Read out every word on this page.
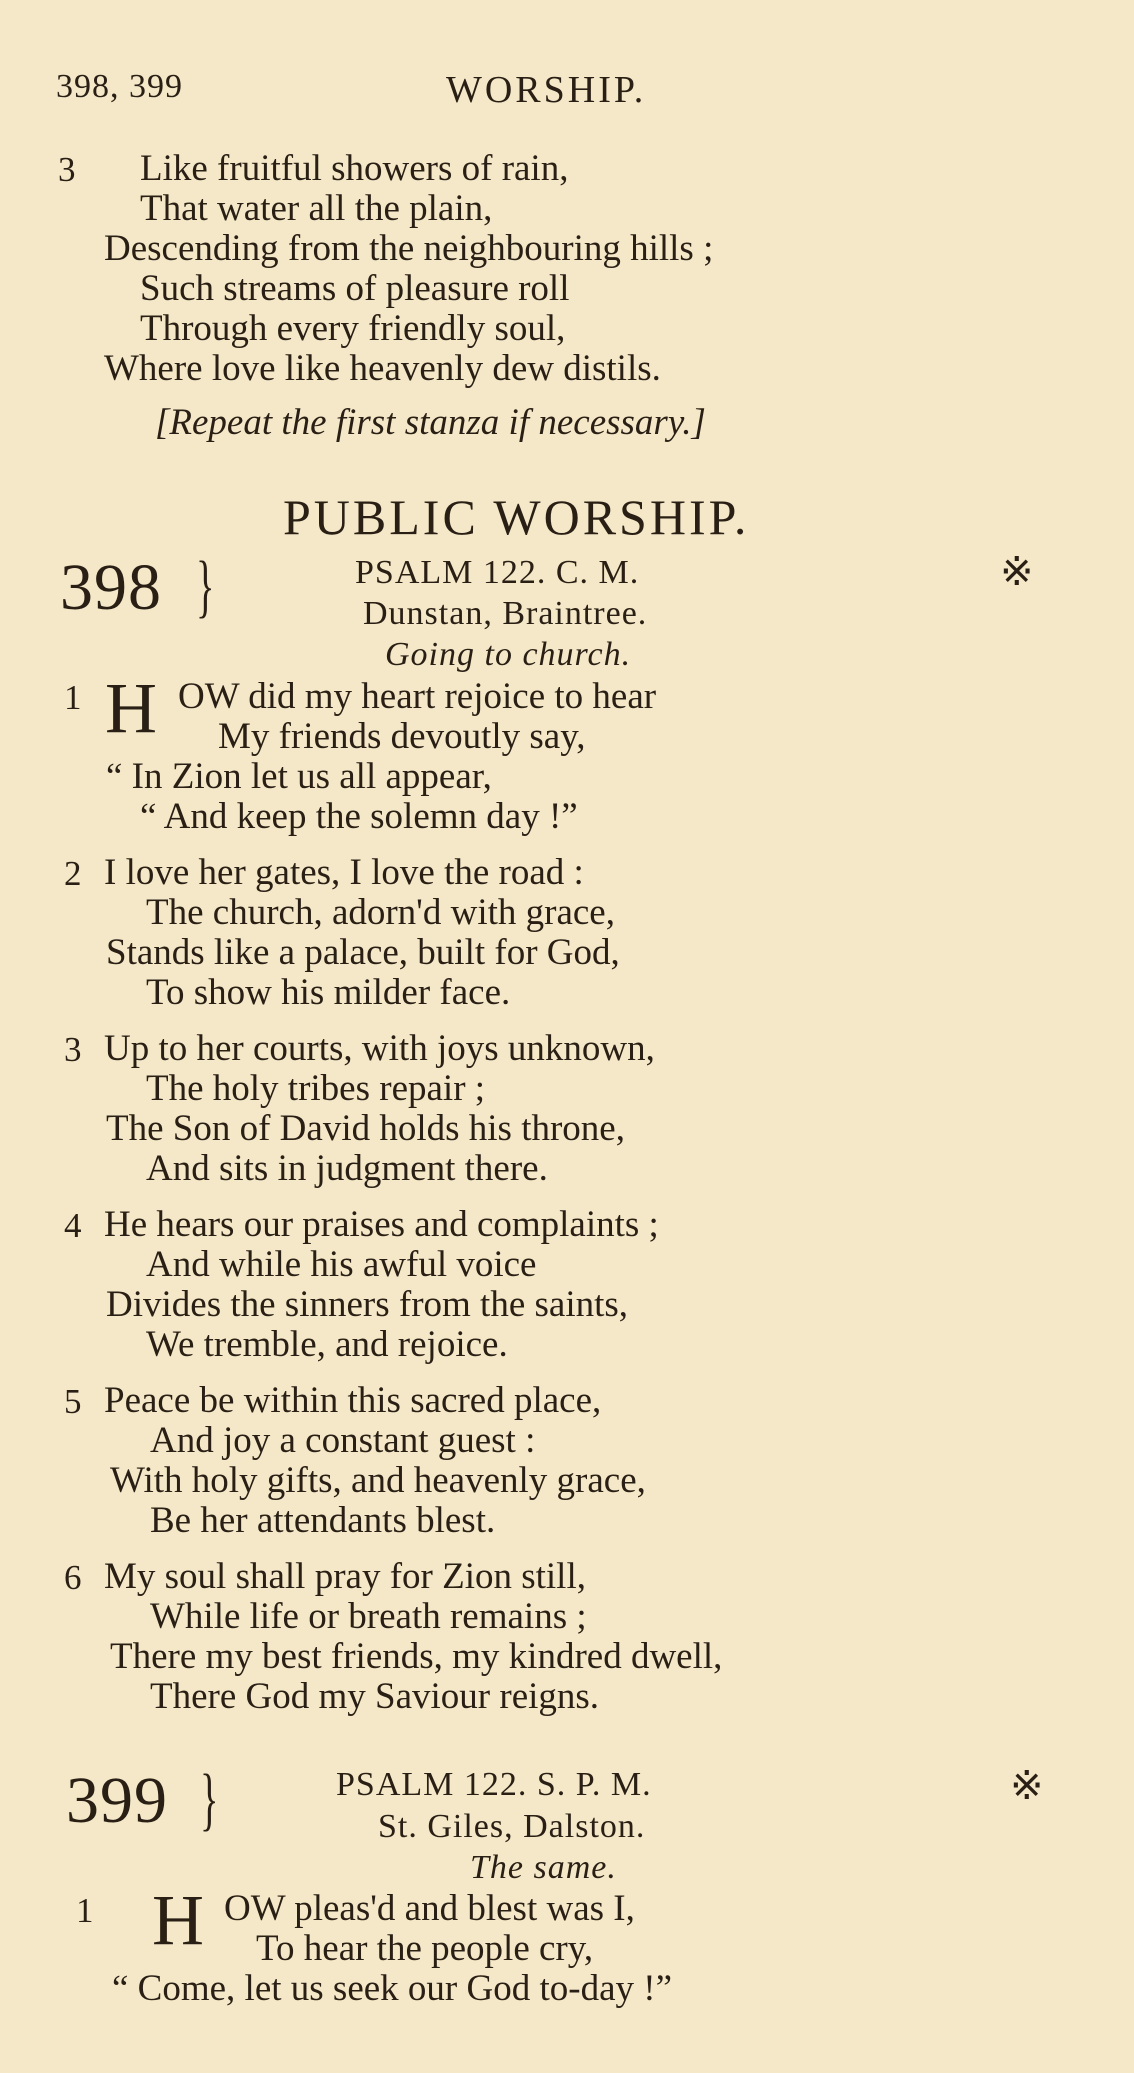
398, 399	WORSHIP.
3 Like fruitful showers of rain,
That water all the plain,
Descending from the neighbouring hills ;
Such streams of pleasure roll
Through every friendly soul,
Where love like heavenly dew distils.
[Repeat the first stanza if necessary.]
PUBLIC WORSHIP.
398 }	PSALM 122. C. M.
Dunstan, Braintree.
Going to church.
※
1 H OW did my heart rejoice to hear
My friends devoutly say,
“ In Zion let us all appear,
“ And keep the solemn day !”
2 I love her gates, I love the road :
The church, adorn'd with grace,
Stands like a palace, built for God,
To show his milder face.
3 Up to her courts, with joys unknown,
The holy tribes repair ;
The Son of David holds his throne,
And sits in judgment there.
4 He hears our praises and complaints ;
And while his awful voice
Divides the sinners from the saints,
We tremble, and rejoice.
5 Peace be within this sacred place,
And joy a constant guest :
With holy gifts, and heavenly grace,
Be her attendants blest.
6 My soul shall pray for Zion still,
While life or breath remains ;
There my best friends, my kindred dwell,
There God my Saviour reigns.
399 }	PSALM 122. S. P. M.
St. Giles, Dalston.
The same.
※
1 H OW pleas'd and blest was I,
To hear the people cry,
“ Come, let us seek our God to-day !”
